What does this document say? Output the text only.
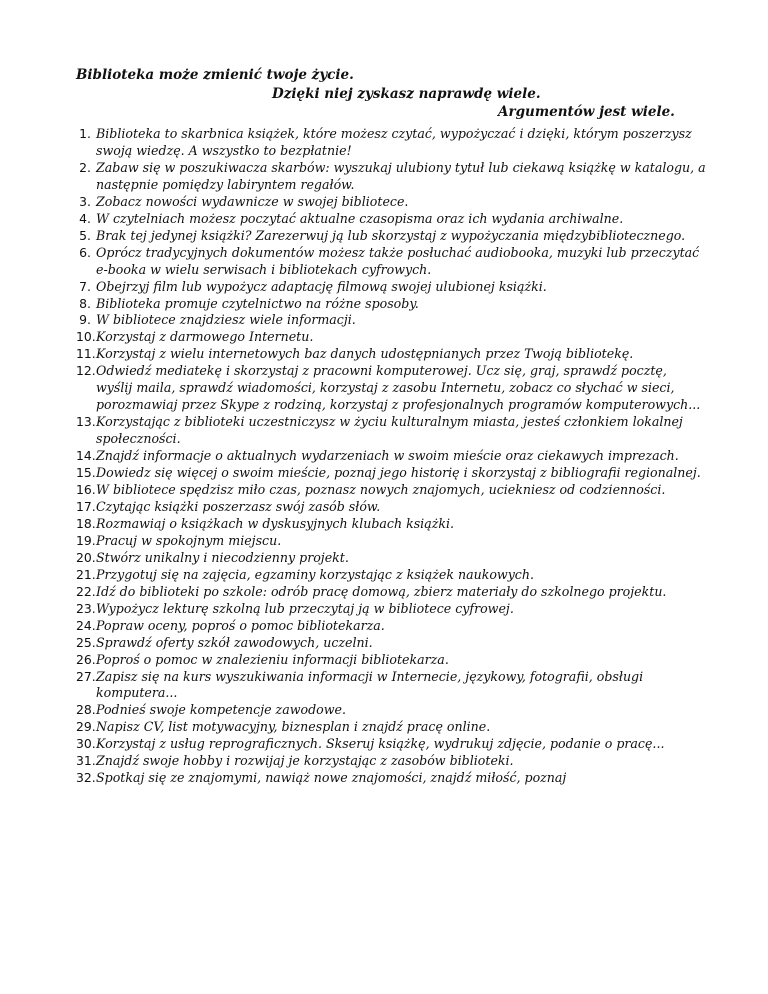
Biblioteka może zmienić twoje życie.
Dzięki niej zyskasz naprawdę wiele.
Argumentów jest wiele.
1. Biblioteka to skarbnica książek, które możesz czytać, wypożyczać i dzięki, którym poszerzysz swoją wiedzę. A wszystko to bezpłatnie!
2. Zabaw się w poszukiwacza skarbów: wyszukaj ulubiony tytuł lub ciekawą książkę w katalogu, a następnie pomiędzy labiryntem regałów.
3. Zobacz nowości wydawnicze w swojej bibliotece.
4. W czytelniach możesz poczytać aktualne czasopisma oraz ich wydania archiwalne.
5. Brak tej jedynej książki? Zarezerwuj ją lub skorzystaj z wypożyczania międzybibliotecznego.
6. Oprócz tradycyjnych dokumentów możesz także posłuchać audiobooka, muzyki lub przeczytać e-booka w wielu serwisach i bibliotekach cyfrowych.
7. Obejrzyj film lub wypożycz adaptację filmową swojej ulubionej książki.
8. Biblioteka promuje czytelnictwo na różne sposoby.
9. W bibliotece znajdziesz wiele informacji.
10. Korzystaj z darmowego Internetu.
11. Korzystaj z wielu internetowych baz danych udostępnianych przez Twoją bibliotekę.
12. Odwiedź mediatekę i skorzystaj z pracowni komputerowej. Ucz się, graj, sprawdź pocztę, wyślij maila, sprawdź wiadomości, korzystaj z zasobu Internetu, zobacz co słychać w sieci, porozmawiaj przez Skype z rodziną, korzystaj z profesjonalnych programów komputerowych...
13. Korzystając z biblioteki uczestniczysz w życiu kulturalnym miasta, jesteś członkiem lokalnej społeczności.
14. Znajdź informacje o aktualnych wydarzeniach w swoim mieście oraz ciekawych imprezach.
15. Dowiedz się więcej o swoim mieście, poznaj jego historię i skorzystaj z bibliografii regionalnej.
16. W bibliotece spędzisz miło czas, poznasz nowych znajomych, uciekniesz od codzienności.
17. Czytając książki poszerzasz swój zasób słów.
18. Rozmawiaj o książkach w dyskusyjnych klubach książki.
19. Pracuj w spokojnym miejscu.
20. Stwórz unikalny i niecodzienny projekt.
21. Przygotuj się na zajęcia, egzaminy korzystając z książek naukowych.
22. Idź do biblioteki po szkole: odrób pracę domową, zbierz materiały do szkolnego projektu.
23. Wypożycz lekturę szkolną lub przeczytaj ją w bibliotece cyfrowej.
24. Popraw oceny, poproś o pomoc bibliotekarza.
25. Sprawdź oferty szkół zawodowych, uczelni.
26. Poproś o pomoc w znalezieniu informacji bibliotekarza.
27. Zapisz się na kurs wyszukiwania informacji w Internecie, językowy, fotografii, obsługi komputera...
28. Podnieś swoje kompetencje zawodowe.
29. Napisz CV, list motywacyjny, biznesplan i znajdź pracę online.
30. Korzystaj z usług reprograficznych. Skseruj książkę, wydrukuj zdjęcie, podanie o pracę...
31. Znajdź swoje hobby i rozwijaj je korzystając z zasobów biblioteki.
32. Spotkaj się ze znajomymi, nawiąż nowe znajomości, znajdź miłość, poznaj
